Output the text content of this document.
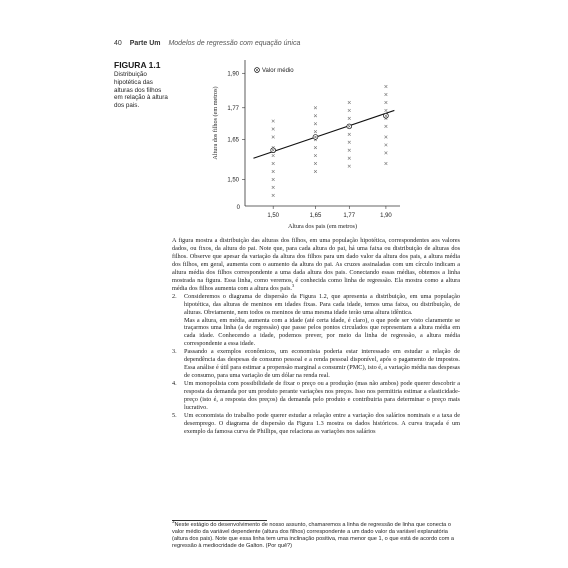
40 Parte Um Modelos de regressão com equação única
FIGURA 1.1
Distribuição hipotética das alturas dos filhos em relação à altura dos pais.
0
1,50	1,65	1,77	1,90
1,50
1,65
1,77
1,90
Altura dos pais (em metros)
Altura dos filhos (em metros)
Valor médio

A figura mostra a distribuição das alturas dos filhos, em uma população hipotética, correspondentes aos valores dados, ou fixos, da altura do pai. Note que, para cada altura do pai, há uma faixa ou distribuição de alturas dos filhos. Observe que apesar da variação da altura dos filhos para um dado valor da altura dos pais, a altura média dos filhos, em geral, aumenta com o aumento da altura do pai. As cruzes assinaladas com um círculo indicam a altura média dos filhos correspondente a uma dada altura dos pais. Conectando essas médias, obtemos a linha mostrada na figura. Essa linha, como veremos, é conhecida como linha de regressão. Ela mostra como a altura média dos filhos aumenta com a altura dos pais.$^3$

2. Consideremos o diagrama de dispersão da Figura 1.2, que apresenta a distribuição, em uma população hipotética, das alturas de meninos em idades fixas. Para cada idade, temos uma faixa, ou distribuição, de alturas. Obviamente, nem todos os meninos de uma mesma idade terão uma altura idêntica.
Mas a altura, em média, aumenta com a idade (até certa idade, é claro), o que pode ser visto claramente se traçarmos uma linha (a de regressão) que passe pelos pontos circulados que representam a altura média em cada idade. Conhecendo a idade, podemos prever, por meio da linha de regressão, a altura média correspondente a essa idade.
3. Passando a exemplos econômicos, um economista poderia estar interessado em estudar a relação de dependência das despesas de consumo pessoal e a renda pessoal disponível, após o pagamento de impostos. Essa análise é útil para estimar a propensão marginal a consumir (PMC), isto é, a variação média nas despesas de consumo, para uma variação de um dólar na renda real.
4. Um monopolista com possibilidade de fixar o preço ou a produção (mas não ambos) pode querer descobrir a resposta da demanda por um produto perante variações nos preços. Isso nos permitiria estimar a elasticidade-preço (isto é, a resposta dos preços) da demanda pelo produto e contribuiria para determinar o preço mais lucrativo.
5. Um economista do trabalho pode querer estudar a relação entre a variação dos salários nominais e a taxa de desemprego. O diagrama de dispersão da Figura 1.3 mostra os dados históricos. A curva traçada é um exemplo da famosa curva de Phillips, que relaciona as variações nos salários
$^3$Neste estágio do desenvolvimento de nosso assunto, chamaremos a linha de regressão de linha que conecta o valor médio da variável dependente (altura dos filhos) correspondente a um dado valor da variável explanatória (altura dos pais). Note que essa linha tem uma inclinação positiva, mas menor que 1, o que está de acordo com a regressão à mediocridade de Galton. (Por quê?)
